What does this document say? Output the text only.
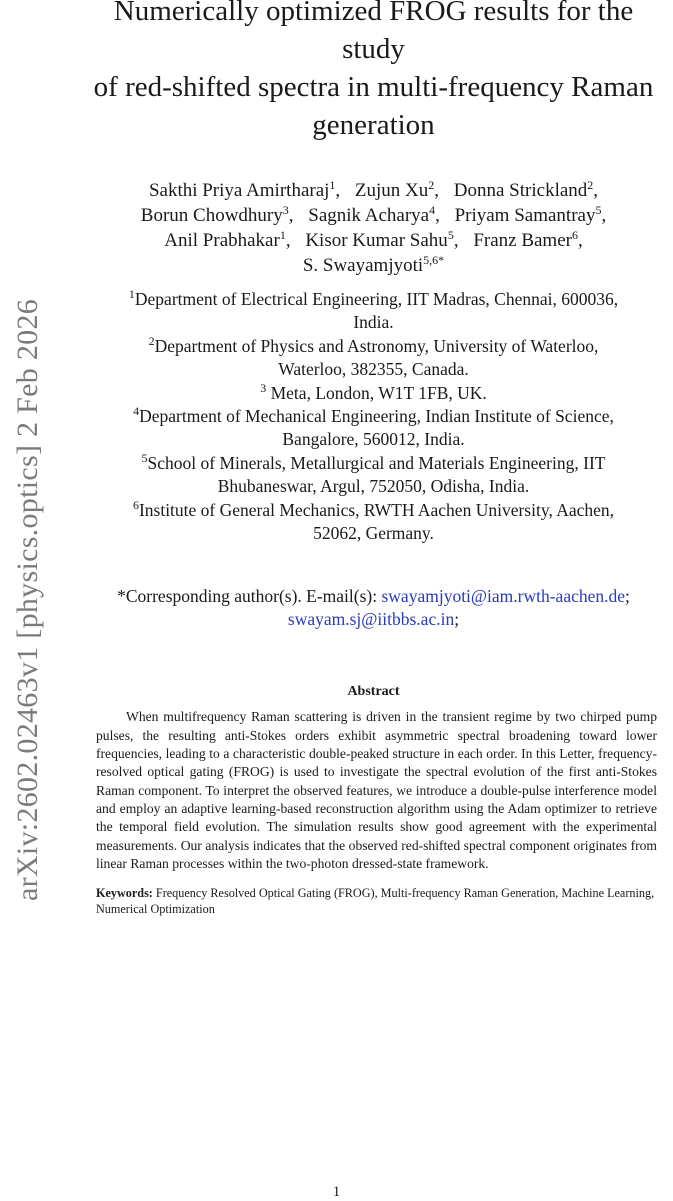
arXiv:2602.02463v1 [physics.optics] 2 Feb 2026
Numerically optimized FROG results for the study
of red-shifted spectra in multi-frequency Raman
generation
Sakthi Priya Amirtharaj$^1$, Zujun Xu$^2$, Donna Strickland$^2$,
Borun Chowdhury$^3$, Sagnik Acharya$^4$, Priyam Samantray$^5$,
Anil Prabhakar$^1$, Kisor Kumar Sahu$^5$, Franz Bamer$^6$,
S. Swayamjyoti$^{5,6*}$
$^1$Department of Electrical Engineering, IIT Madras, Chennai, 600036,
India.
$^2$Department of Physics and Astronomy, University of Waterloo,
Waterloo, 382355, Canada.
$^3$ Meta, London, W1T 1FB, UK.
$^4$Department of Mechanical Engineering, Indian Institute of Science,
Bangalore, 560012, India.
$^5$School of Minerals, Metallurgical and Materials Engineering, IIT
Bhubaneswar, Argul, 752050, Odisha, India.
$^6$Institute of General Mechanics, RWTH Aachen University, Aachen,
52062, Germany.
*Corresponding author(s). E-mail(s): swayamjyoti@iam.rwth-aachen.de;
swayam.sj@iitbbs.ac.in;
Abstract

When multifrequency Raman scattering is driven in the transient regime by two chirped pump pulses, the resulting anti-Stokes orders exhibit asymmetric spectral broadening toward lower frequencies, leading to a characteristic double-peaked structure in each order. In this Letter, frequency-resolved optical gating (FROG) is used to investigate the spectral evolution of the first anti-Stokes Raman component. To interpret the observed features, we introduce a double-pulse interference model and employ an adaptive learning-based reconstruction algorithm using the Adam optimizer to retrieve the temporal field evolution. The simulation results show good agreement with the experimental measurements. Our analysis indicates that the observed red-shifted spectral component originates from linear Raman processes within the two-photon dressed-state framework.

Keywords: Frequency Resolved Optical Gating (FROG), Multi-frequency Raman Generation, Machine Learning, Numerical Optimization

1
